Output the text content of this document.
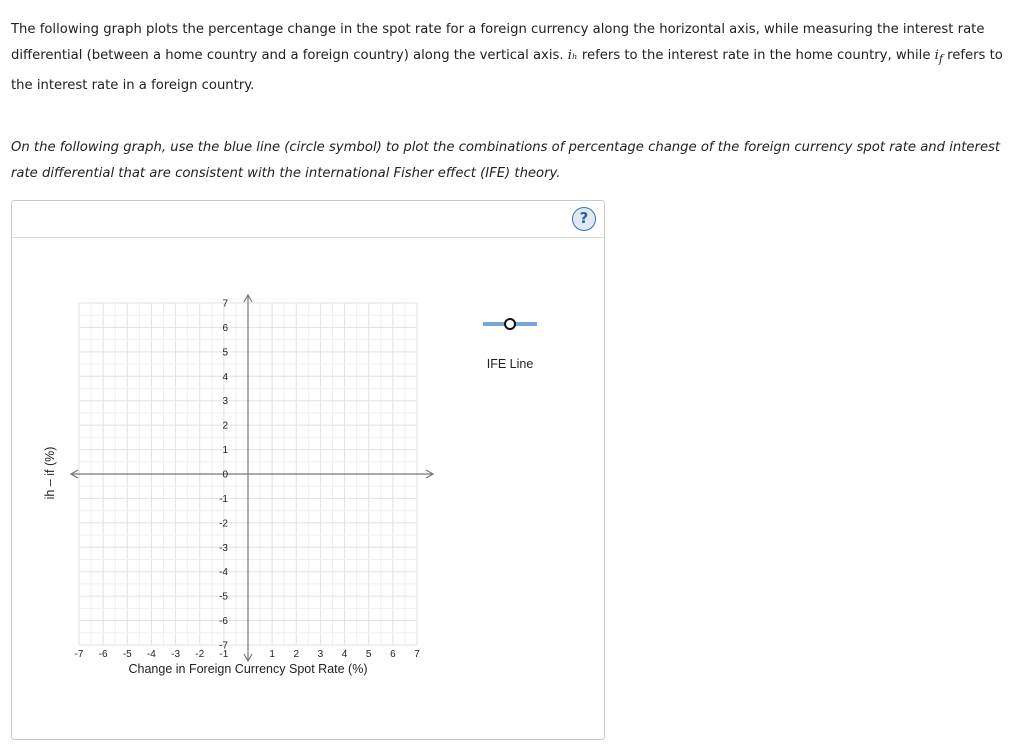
The following graph plots the percentage change in the spot rate for a foreign currency along the horizontal axis, while measuring the interest rate differential (between a home country and a foreign country) along the vertical axis. iₕ refers to the interest rate in the home country, while $i_f$ refers to the interest rate in a foreign country.
On the following graph, use the blue line (circle symbol) to plot the combinations of percentage change of the foreign currency spot rate and interest rate differential that are consistent with the international Fisher effect (IFE) theory.
?
7
6
5
4
3
2
1
0
-1
-2
-3
-4
-5
-6
-7
-7 -6 -5 -4 -3 -2 -1	1 2 3 4 5 6 7
Change in Foreign Currency Spot Rate (%)
ih – if (%)
IFE Line
